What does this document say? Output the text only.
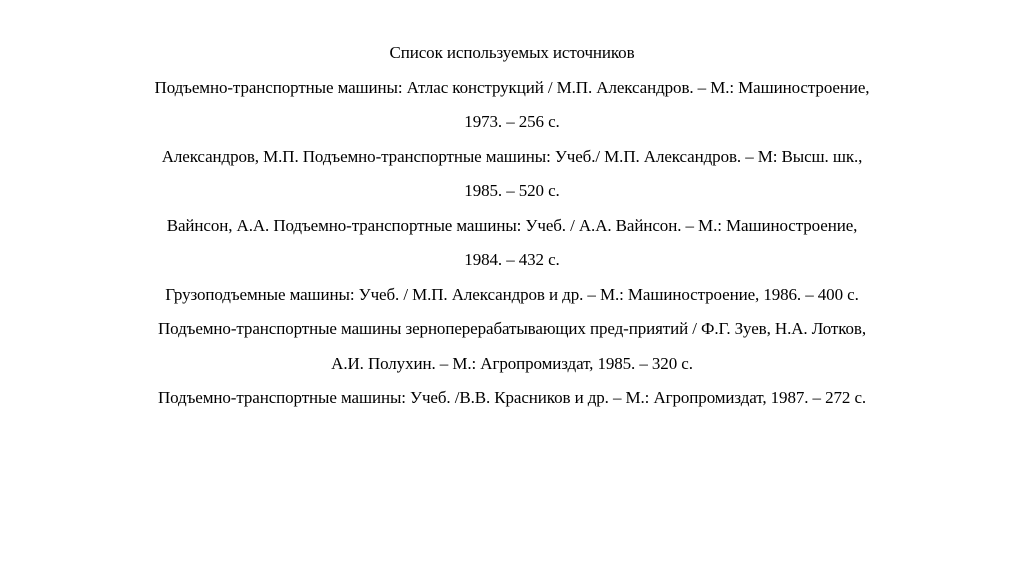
Список используемых источников
Подъемно-транспортные машины: Атлас конструкций / М.П. Александров. – М.: Машиностроение,
1973. – 256 с.
Александров, М.П. Подъемно-транспортные машины: Учеб./ М.П. Александров. – М: Высш. шк.,
1985. – 520 с.
Вайнсон, А.А. Подъемно-транспортные машины: Учеб. / А.А. Вайнсон. – М.: Машиностроение,
1984. – 432 с.
Грузоподъемные машины: Учеб. / М.П. Александров и др. – М.: Машиностроение, 1986. – 400 с.
Подъемно-транспортные машины зерноперерабатывающих пред-приятий / Ф.Г. Зуев, Н.А. Лотков,
А.И. Полухин. – М.: Агропромиздат, 1985. – 320 с.
Подъемно-транспортные машины: Учеб. /В.В. Красников и др. – М.: Агропромиздат, 1987. – 272 с.
